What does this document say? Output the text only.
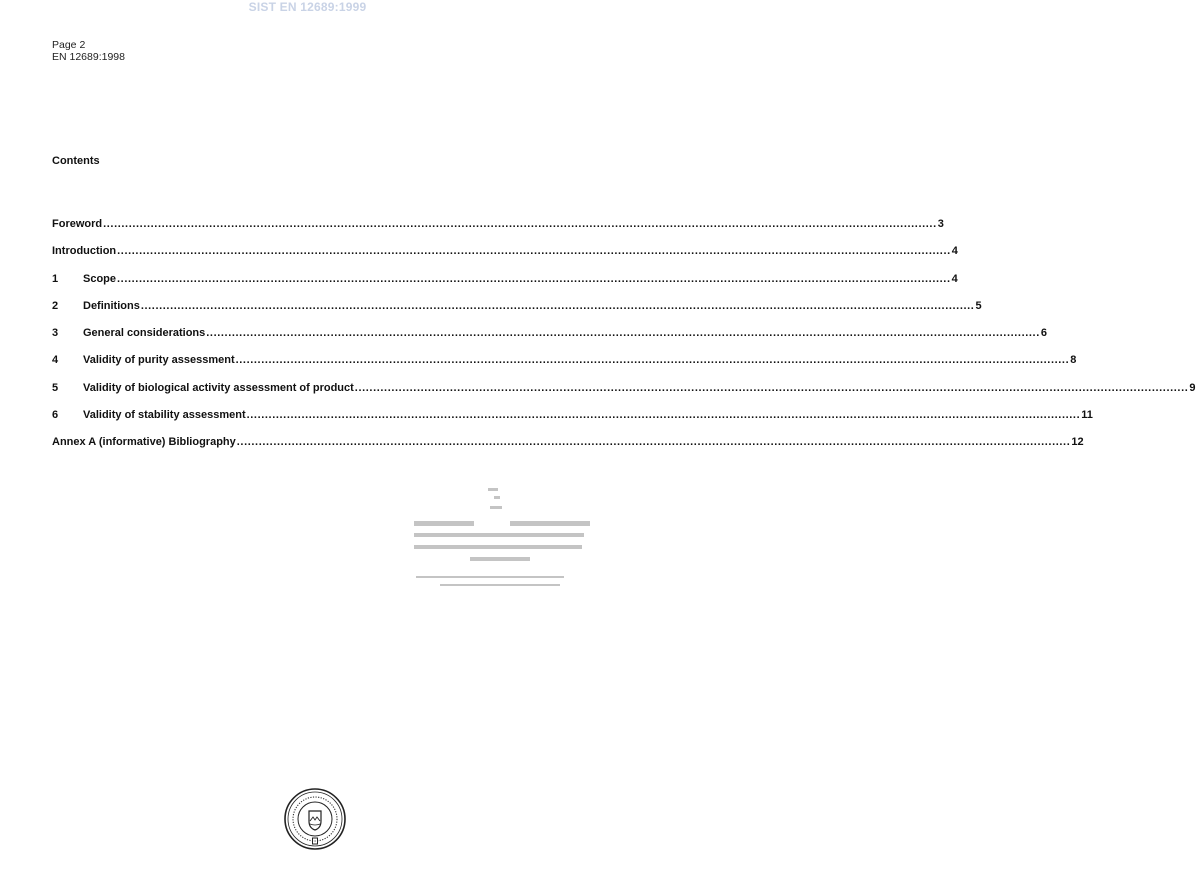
SIST EN 12689:1999
Page 2
EN 12689:1998
Contents
Foreword .................................................................................................................................................................................................................................... 3
Introduction .................................................................................................................................................................................................................................... 4
1	Scope .................................................................................................................................................................................................................................... 4
2	Definitions .................................................................................................................................................................................................................................... 5
3	General considerations .................................................................................................................................................................................................................................... 6
4	Validity of purity assessment .................................................................................................................................................................................................................................... 8
5	Validity of biological activity assessment of product .................................................................................................................................................................................................................................... 9
6	Validity of stability assessment .................................................................................................................................................................................................................................... 11
Annex A (informative) Bibliography .................................................................................................................................................................................................................................... 12
